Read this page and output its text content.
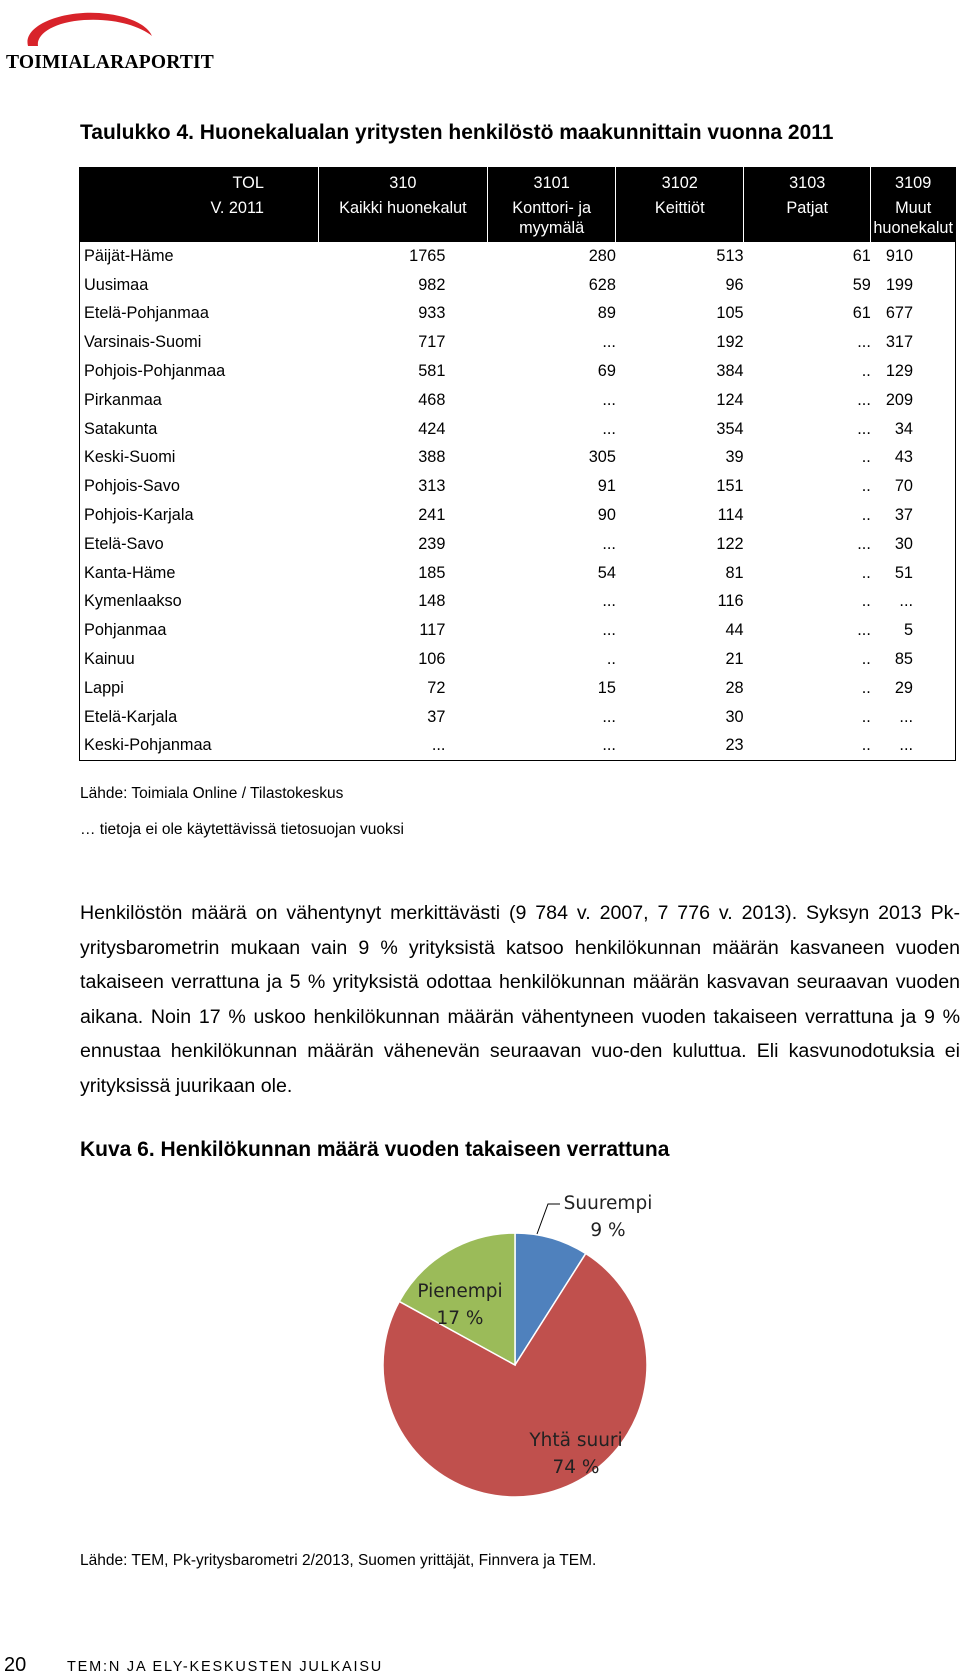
TOIMIALARAPORTIT
Taulukko 4. Huonekalualan yritysten henkilöstö maakunnittain vuonna 2011
TOL	310	3101	3102	3103	3109
V. 2011	Kaikki huonekalut	Konttori- ja myymälä	Keittiöt	Patjat	Muut huonekalut
Päijät-Häme	1765	280	513	61	910
Uusimaa	982	628	96	59	199
Etelä-Pohjanmaa	933	89	105	61	677
Varsinais-Suomi	717	...	192	...	317
Pohjois-Pohjanmaa	581	69	384	..	129
Pirkanmaa	468	...	124	...	209
Satakunta	424	...	354	...	34
Keski-Suomi	388	305	39	..	43
Pohjois-Savo	313	91	151	..	70
Pohjois-Karjala	241	90	114	..	37
Etelä-Savo	239	...	122	...	30
Kanta-Häme	185	54	81	..	51
Kymenlaakso	148	...	116	..	...
Pohjanmaa	117	...	44	...	5
Kainuu	106	..	21	..	85
Lappi	72	15	28	..	29
Etelä-Karjala	37	...	30	..	...
Keski-Pohjanmaa	...	...	23	..	...
Lähde: Toimiala Online / Tilastokeskus
… tietoja ei ole käytettävissä tietosuojan vuoksi
Henkilöstön määrä on vähentynyt merkittävästi (9 784 v. 2007, 7 776 v. 2013). Syksyn 2013 Pk-yritysbarometrin mukaan vain 9 % yrityksistä katsoo henkilökunnan määrän kasvaneen vuoden takaiseen verrattuna ja 5 % yrityksistä odottaa henkilökunnan määrän kasvavan seuraavan vuoden aikana. Noin 17 % uskoo henkilökunnan määrän vähentyneen vuoden takaiseen verrattuna ja 9 % ennustaa henkilökunnan määrän vähenevän seuraavan vuo-den kuluttua. Eli kasvunodotuksia ei yrityksissä juurikaan ole.
Kuva 6. Henkilökunnan määrä vuoden takaiseen verrattuna
Suurempi
9 %
Pienempi
17 %
Yhtä suuri
74 %
Lähde: TEM, Pk-yritysbarometri 2/2013, Suomen yrittäjät, Finnvera ja TEM.
20	TEM:N JA ELY-KESKUSTEN JULKAISU
